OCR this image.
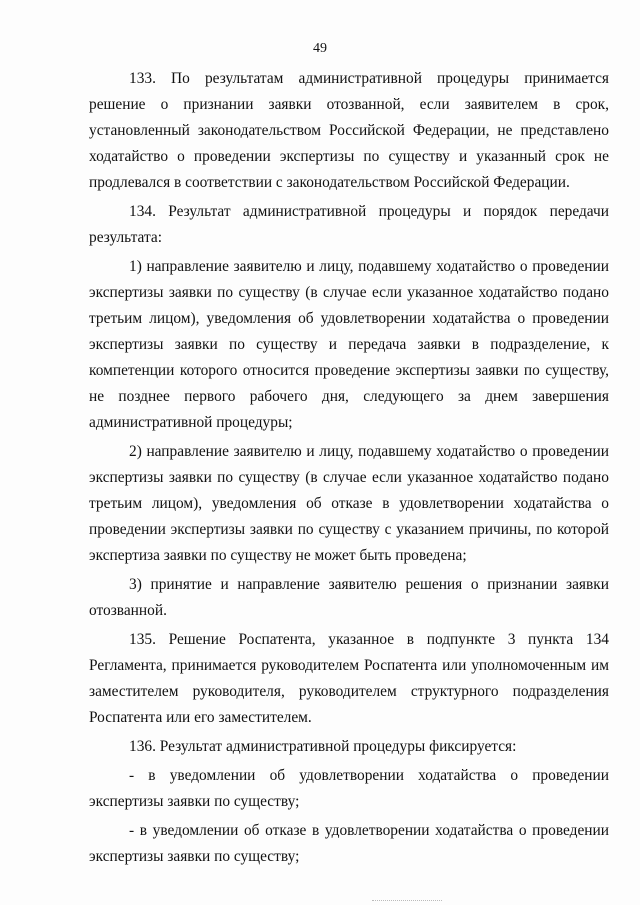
49

133. По результатам административной процедуры принимается решение о признании заявки отозванной, если заявителем в срок, установленный законодательством Российской Федерации, не представлено ходатайство о проведении экспертизы по существу и указанный срок не продлевался в соответствии с законодательством Российской Федерации.

134. Результат административной процедуры и порядок передачи результата:

1) направление заявителю и лицу, подавшему ходатайство о проведении экспертизы заявки по существу (в случае если указанное ходатайство подано третьим лицом), уведомления об удовлетворении ходатайства о проведении экспертизы заявки по существу и передача заявки в подразделение, к компетенции которого относится проведение экспертизы заявки по существу, не позднее первого рабочего дня, следующего за днем завершения административной процедуры;

2) направление заявителю и лицу, подавшему ходатайство о проведении экспертизы заявки по существу (в случае если указанное ходатайство подано третьим лицом), уведомления об отказе в удовлетворении ходатайства о проведении экспертизы заявки по существу с указанием причины, по которой экспертиза заявки по существу не может быть проведена;

3) принятие и направление заявителю решения о признании заявки отозванной.

135. Решение Роспатента, указанное в подпункте 3 пункта 134 Регламента, принимается руководителем Роспатента или уполномоченным им заместителем руководителя, руководителем структурного подразделения Роспатента или его заместителем.

136. Результат административной процедуры фиксируется:

- в уведомлении об удовлетворении ходатайства о проведении экспертизы заявки по существу;

- в уведомлении об отказе в удовлетворении ходатайства о проведении экспертизы заявки по существу;
